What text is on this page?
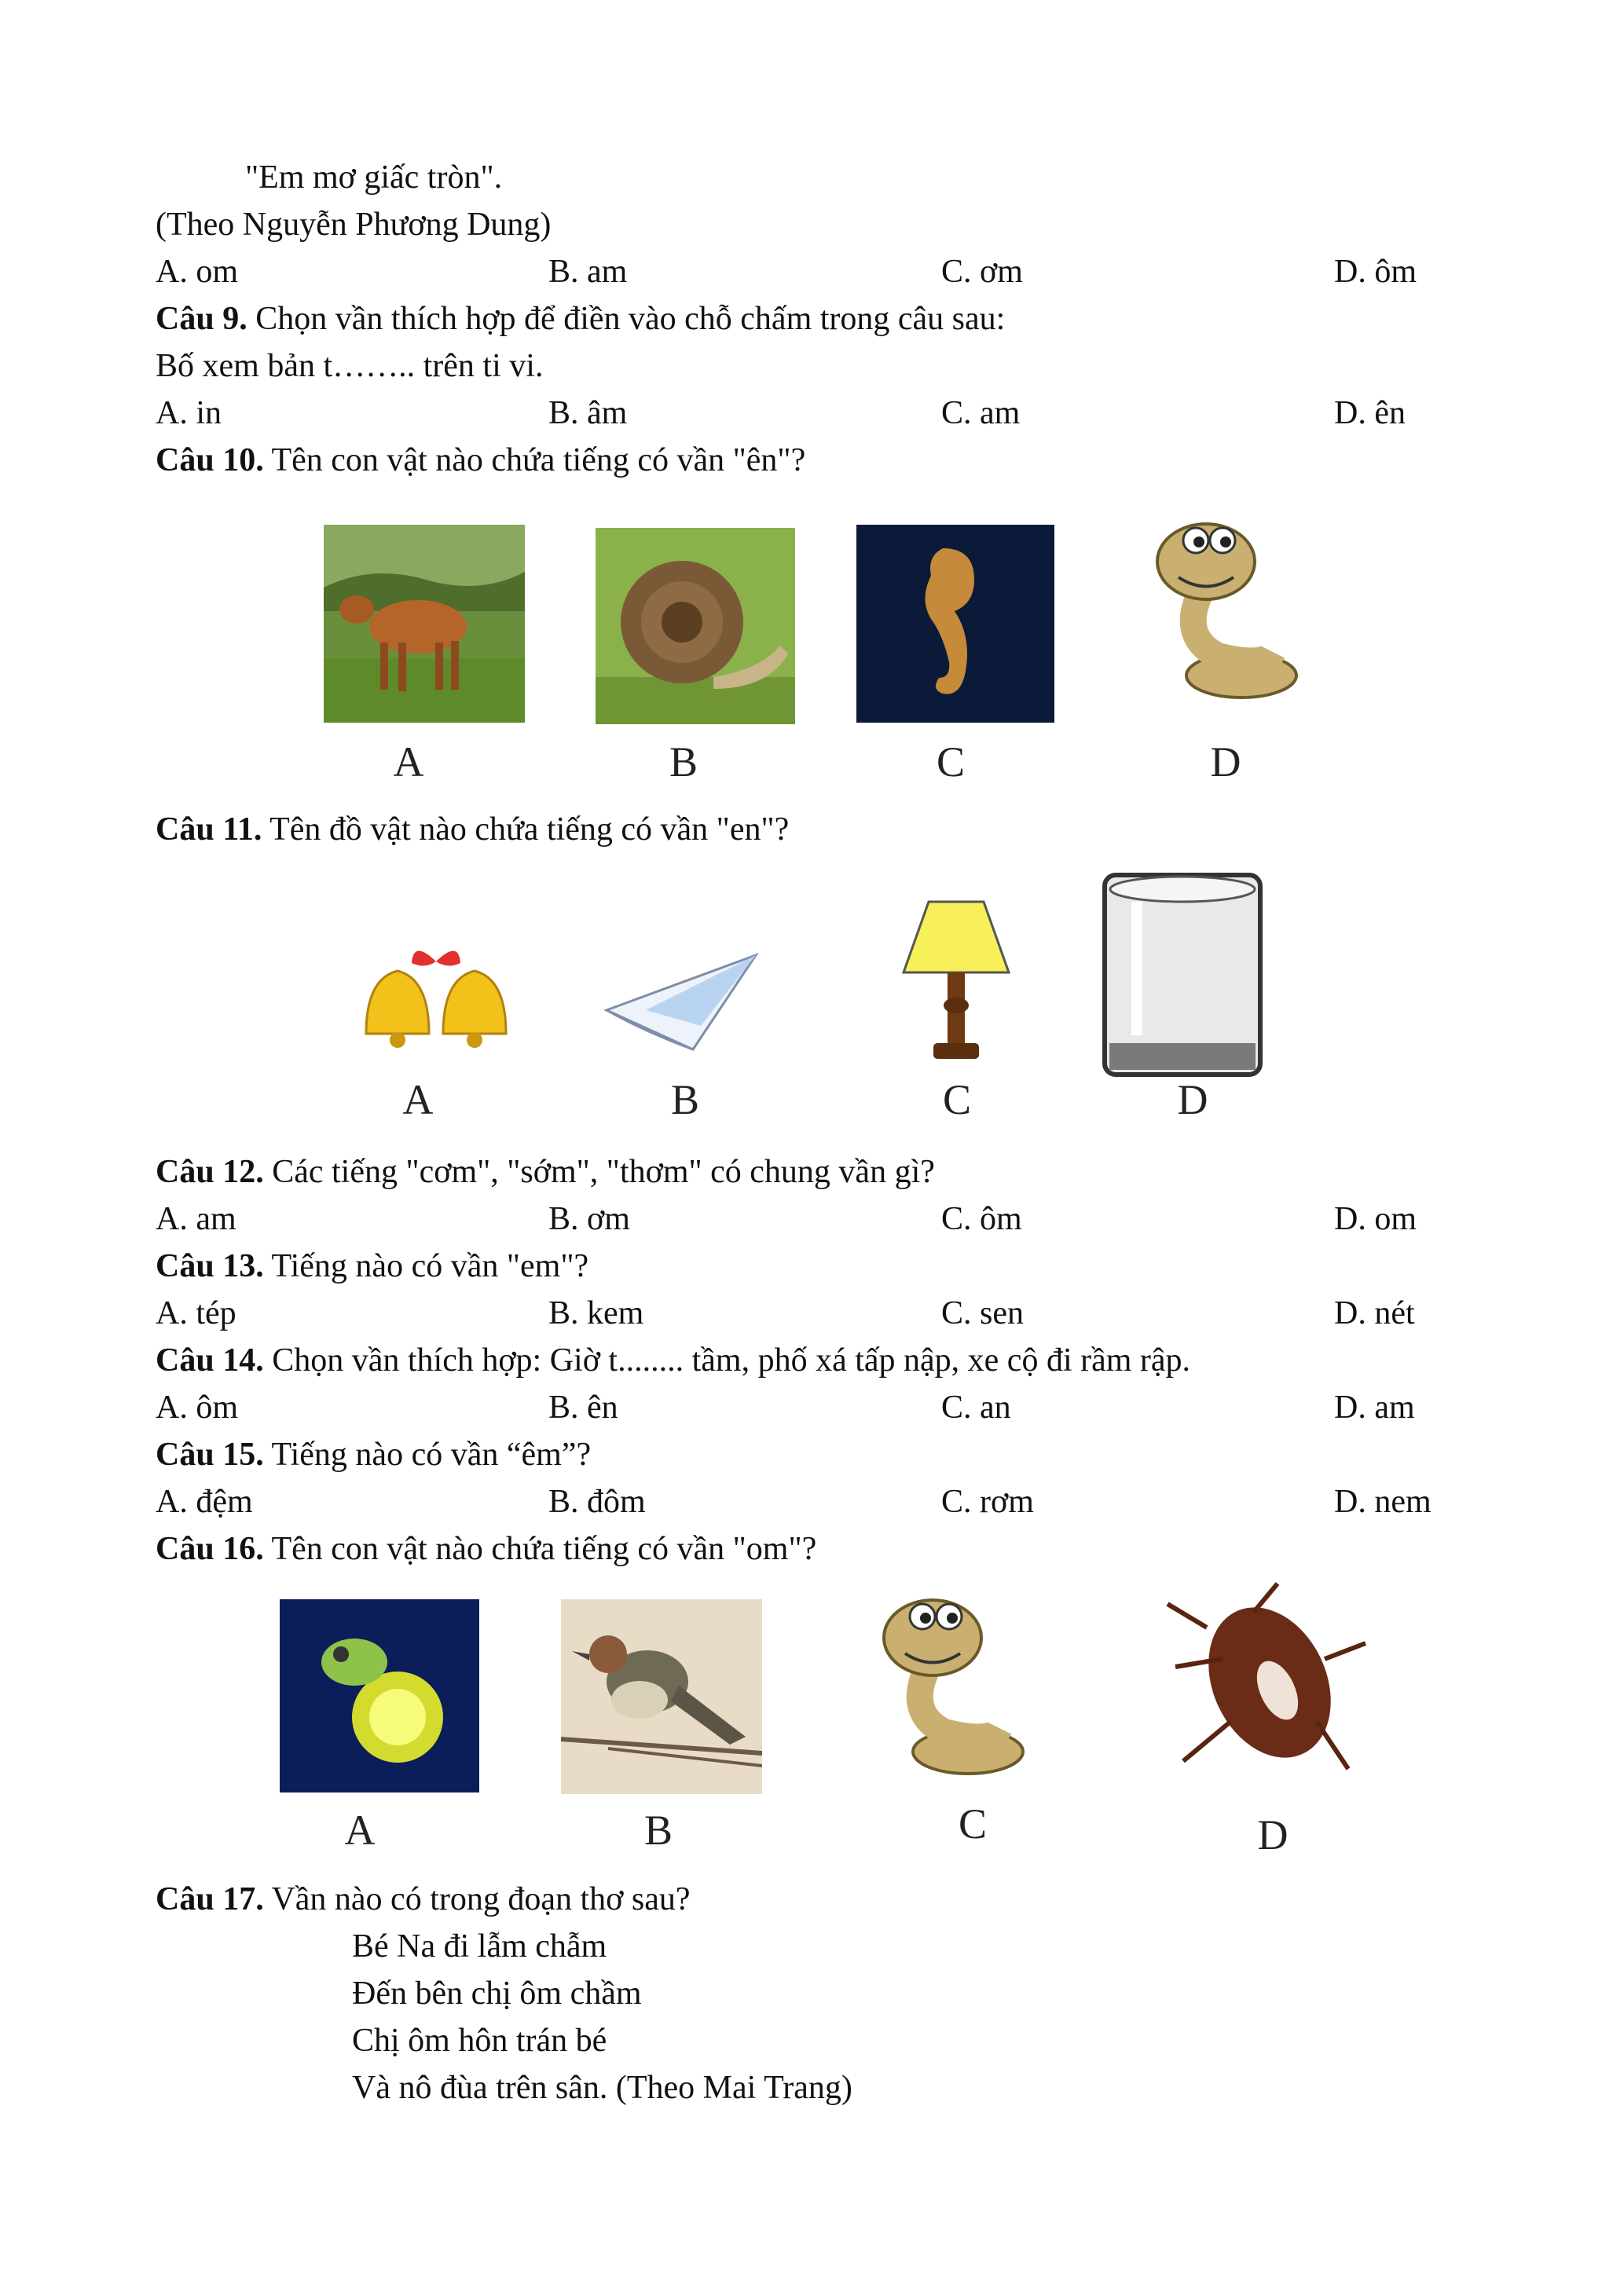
"Em mơ giấc tròn".
(Theo Nguyễn Phương Dung)
A. om	B. am	C. ơm	D. ôm
Câu 9. Chọn vần thích hợp để điền vào chỗ chấm trong câu sau:
Bố xem bản t…….. trên ti vi.
A. in	B. âm	C. am	D. ên
Câu 10. Tên con vật nào chứa tiếng có vần "ên"?
A	B	C	D
Câu 11. Tên đồ vật nào chứa tiếng có vần "en"?
A	B	C	D
Câu 12. Các tiếng "cơm", "sớm", "thơm" có chung vần gì?
A. am	B. ơm	C. ôm	D. om
Câu 13. Tiếng nào có vần "em"?
A. tép	B. kem	C. sen	D. nét
Câu 14. Chọn vần thích hợp: Giờ t........ tầm, phố xá tấp nập, xe cộ đi rầm rập.
A. ôm	B. ên	C. an	D. am
Câu 15. Tiếng nào có vần “êm”?
A. đệm	B. đôm	C. rơm	D. nem
Câu 16. Tên con vật nào chứa tiếng có vần "om"?
A	B	C	D
Câu 17. Vần nào có trong đoạn thơ sau?
Bé Na đi lẫm chẫm
Đến bên chị ôm chầm
Chị ôm hôn trán bé
Và nô đùa trên sân. (Theo Mai Trang)
